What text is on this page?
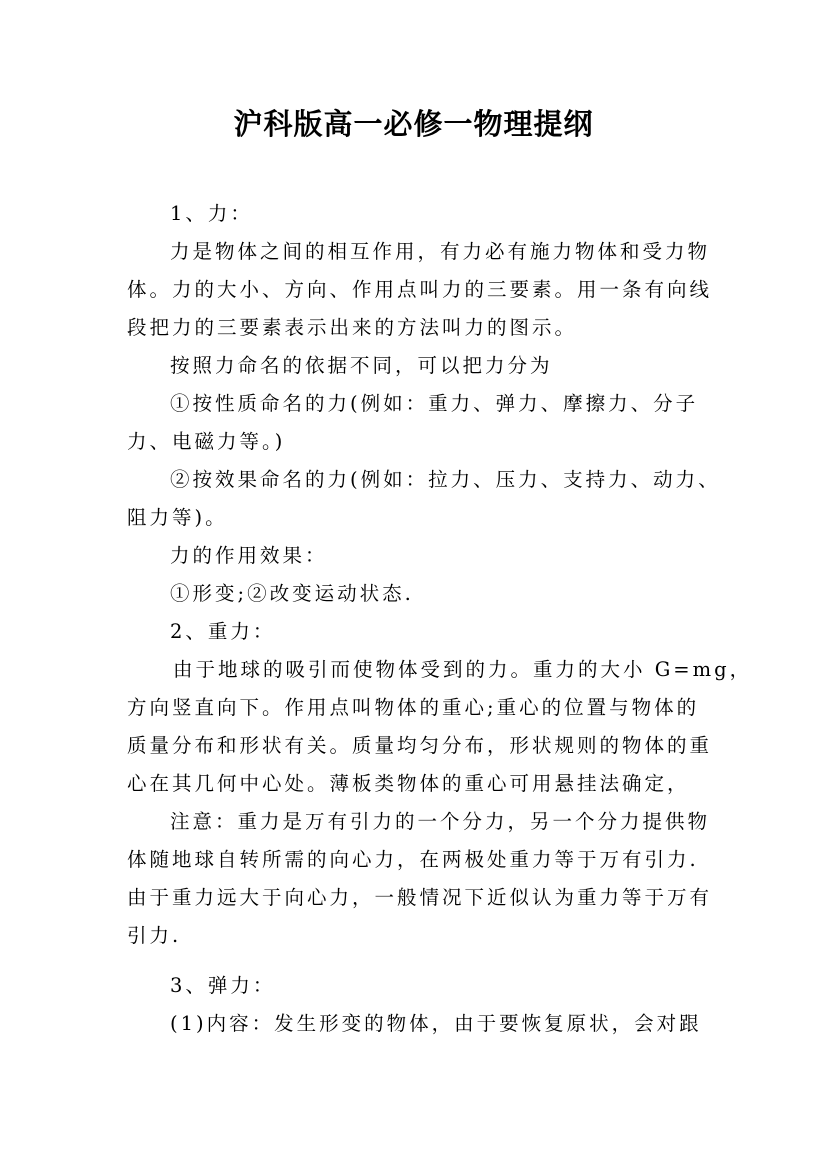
沪科版高一必修一物理提纲
1、力：
力是物体之间的相互作用，有力必有施力物体和受力物
体。力的大小、方向、作用点叫力的三要素。用一条有向线
段把力的三要素表示出来的方法叫力的图示。
按照力命名的依据不同，可以把力分为
①按性质命名的力(例如：重力、弹力、摩擦力、分子
力、电磁力等。)
②按效果命名的力(例如：拉力、压力、支持力、动力、
阻力等)。
力的作用效果：
①形变;②改变运动状态.
2、重力：
由于地球的吸引而使物体受到的力。重力的大小 G=mg，
方向竖直向下。作用点叫物体的重心;重心的位置与物体的
质量分布和形状有关。质量均匀分布，形状规则的物体的重
心在其几何中心处。薄板类物体的重心可用悬挂法确定，
注意：重力是万有引力的一个分力，另一个分力提供物
体随地球自转所需的向心力，在两极处重力等于万有引力.
由于重力远大于向心力，一般情况下近似认为重力等于万有
引力.
3、弹力：
(1)内容：发生形变的物体，由于要恢复原状，会对跟
